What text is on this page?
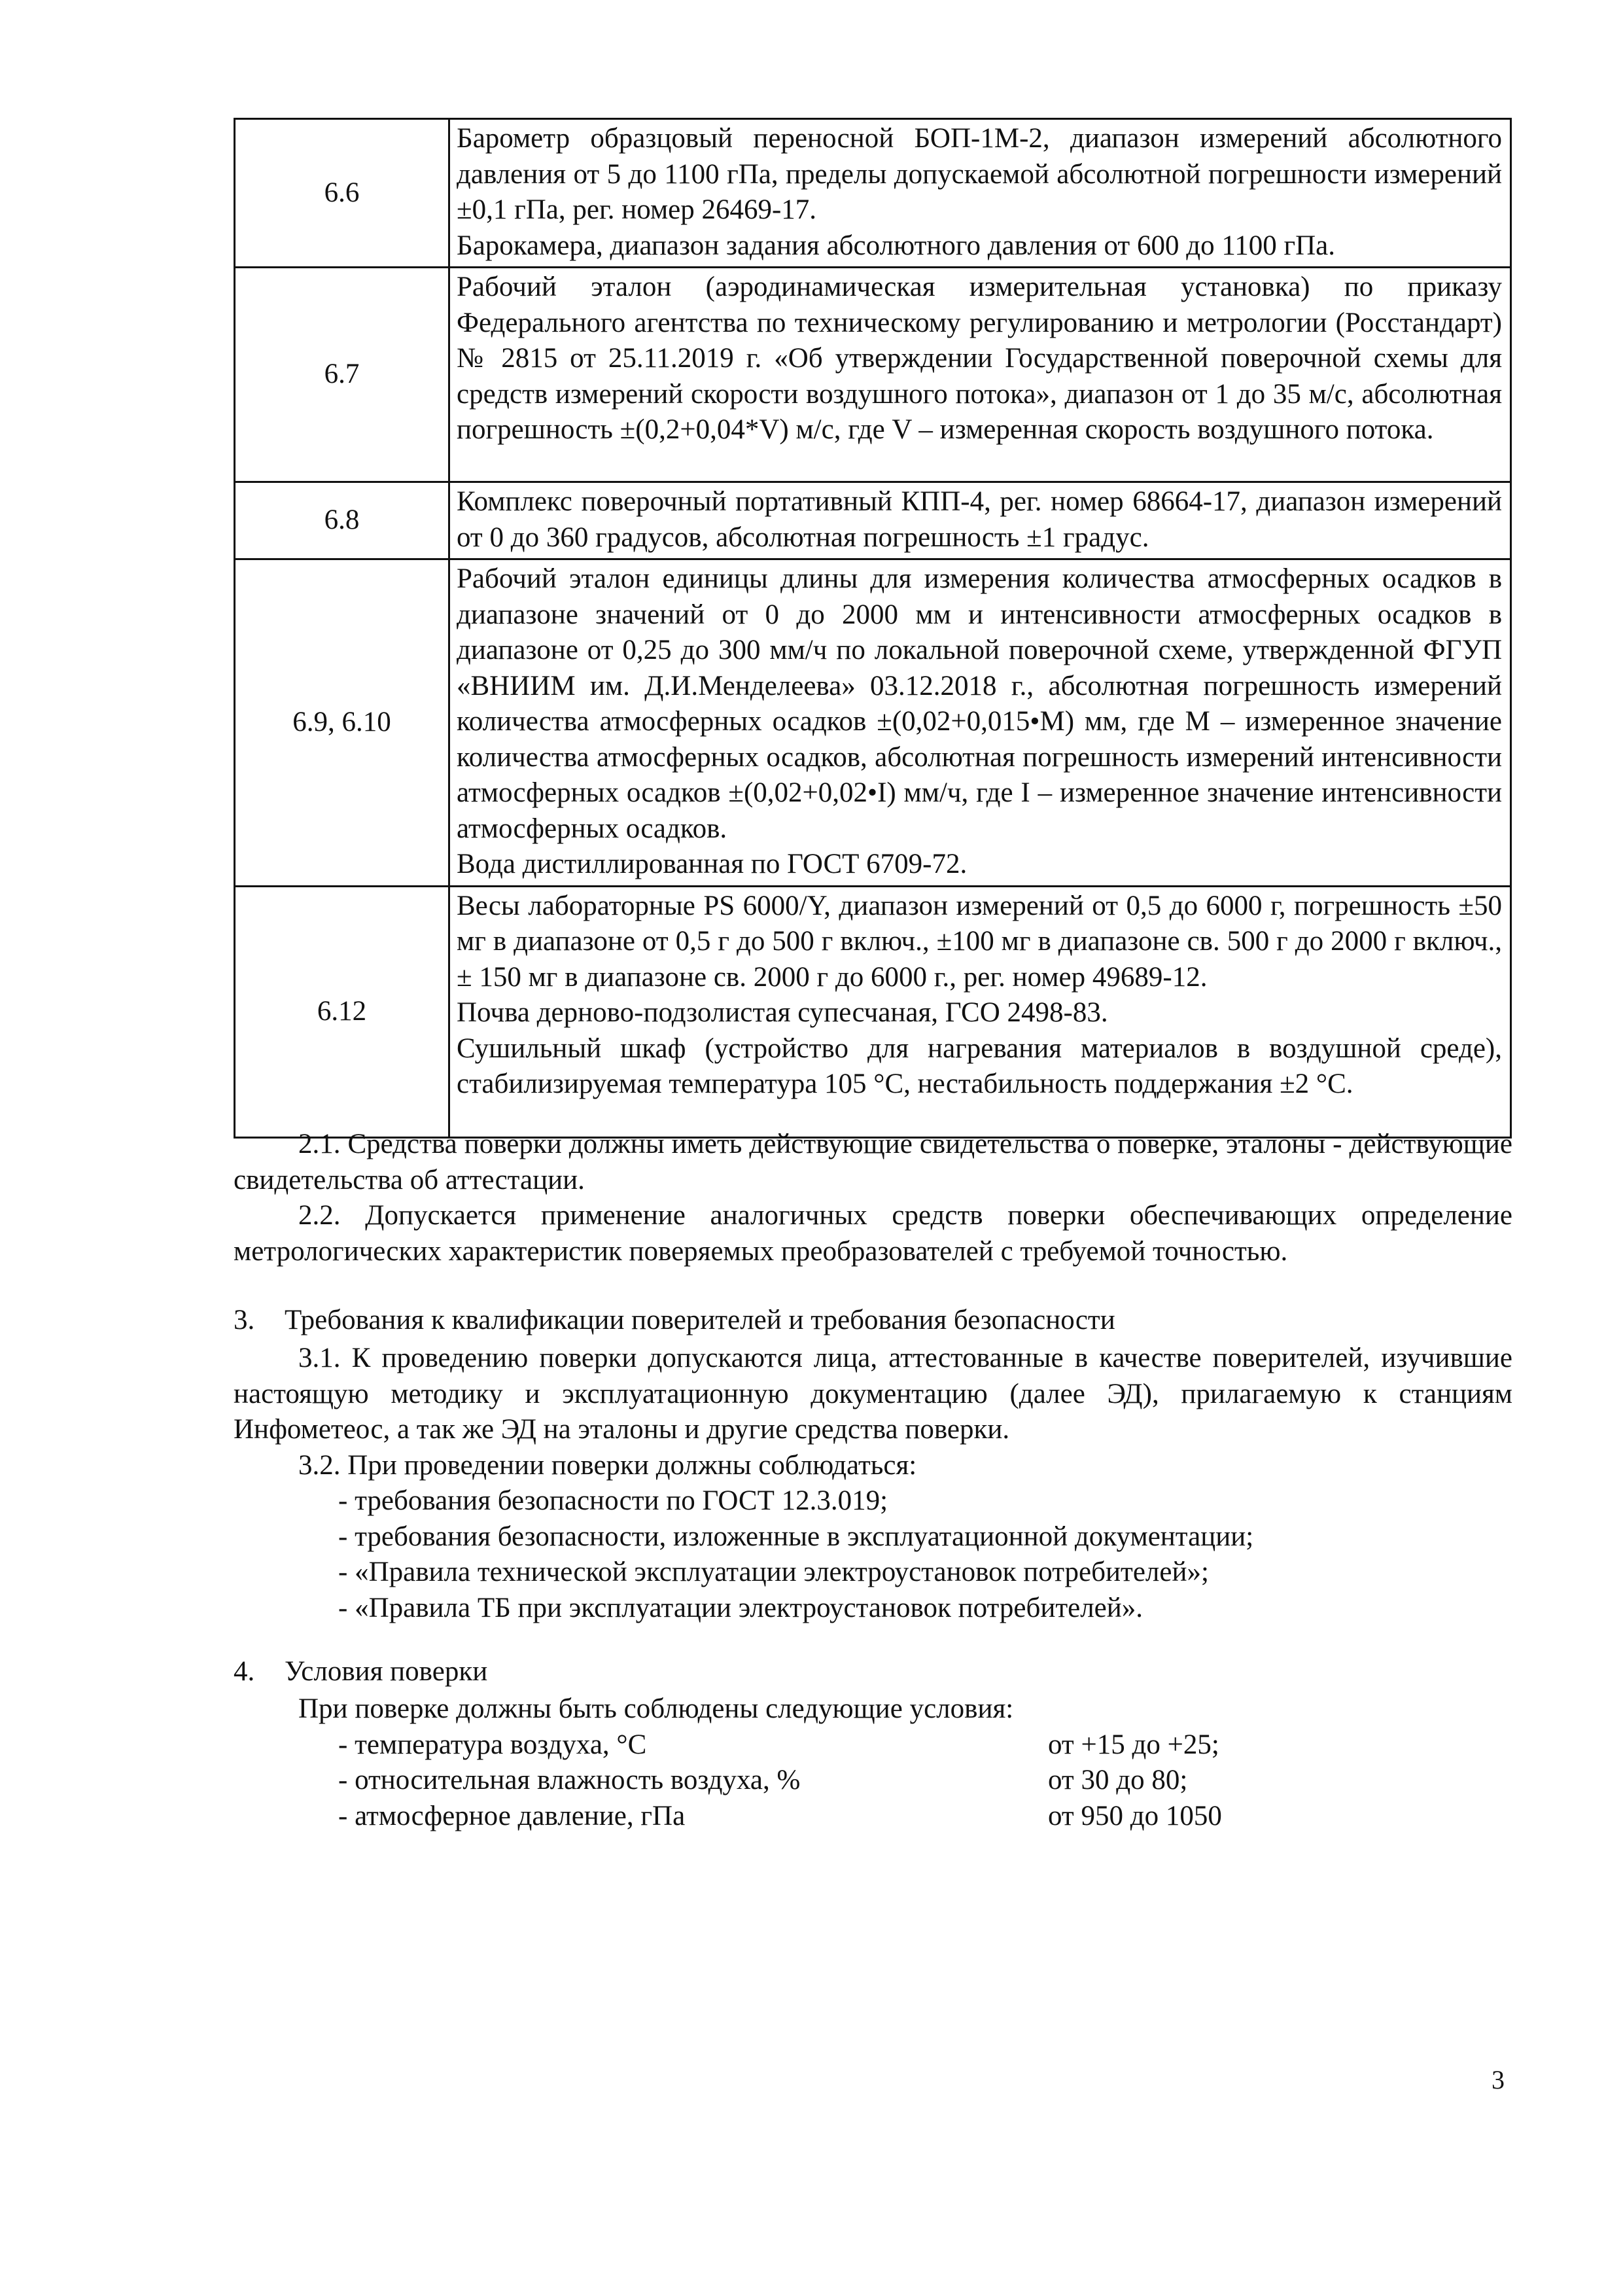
6.6	Барометр образцовый переносной БОП-1М-2, диапазон измерений абсолютного давления от 5 до 1100 гПа, пределы допускаемой абсолютной погрешности измерений ±0,1 гПа, рег. номер 26469-17.
Барокамера, диапазон задания абсолютного давления от 600 до 1100 гПа.

6.7	Рабочий эталон (аэродинамическая измерительная установка) по приказу Федерального агентства по техническому регулированию и метрологии (Росстандарт) № 2815 от 25.11.2019 г. «Об утверждении Государственной поверочной схемы для средств измерений скорости воздушного потока», диапазон от 1 до 35 м/с, абсолютная погрешность ±(0,2+0,04*V) м/с, где V – измеренная скорость воздушного потока.

6.8	Комплекс поверочный портативный КПП-4, рег. номер 68664-17, диапазон измерений от 0 до 360 градусов, абсолютная погрешность ±1 градус.

6.9, 6.10	Рабочий эталон единицы длины для измерения количества атмосферных осадков в диапазоне значений от 0 до 2000 мм и интенсивности атмосферных осадков в диапазоне от 0,25 до 300 мм/ч по локальной поверочной схеме, утвержденной ФГУП «ВНИИМ им. Д.И.Менделеева» 03.12.2018 г., абсолютная погрешность измерений количества атмосферных осадков ±(0,02+0,015•М) мм, где М – измеренное значение количества атмосферных осадков, абсолютная погрешность измерений интенсивности атмосферных осадков ±(0,02+0,02•I) мм/ч, где I – измеренное значение интенсивности атмосферных осадков.
Вода дистиллированная по ГОСТ 6709-72.

6.12	Весы лабораторные PS 6000/Y, диапазон измерений от 0,5 до 6000 г, погрешность ±50 мг в диапазоне от 0,5 г до 500 г включ., ±100 мг в диапазоне св. 500 г до 2000 г включ., ± 150 мг в диапазоне св. 2000 г до 6000 г., рег. номер 49689-12.
Почва дерново-подзолистая супесчаная, ГСО 2498-83.
Сушильный шкаф (устройство для нагревания материалов в воздушной среде), стабилизируемая температура 105 °С, нестабильность поддержания ±2 °С.
2.1. Средства поверки должны иметь действующие свидетельства о поверке, эталоны - действующие свидетельства об аттестации.
2.2. Допускается применение аналогичных средств поверки обеспечивающих определение метрологических характеристик поверяемых преобразователей с требуемой точностью.
3. Требования к квалификации поверителей и требования безопасности
3.1. К проведению поверки допускаются лица, аттестованные в качестве поверителей, изучившие настоящую методику и эксплуатационную документацию (далее ЭД), прилагаемую к станциям Инфометеос, а так же ЭД на эталоны и другие средства поверки.
3.2. При проведении поверки должны соблюдаться:
- требования безопасности по ГОСТ 12.3.019;
- требования безопасности, изложенные в эксплуатационной документации;
- «Правила технической эксплуатации электроустановок потребителей»;
- «Правила ТБ при эксплуатации электроустановок потребителей».
4. Условия поверки
При поверке должны быть соблюдены следующие условия:
- температура воздуха, °С	от +15 до +25;
- относительная влажность воздуха, %	от 30 до 80;
- атмосферное давление, гПа	от 950 до 1050
3
